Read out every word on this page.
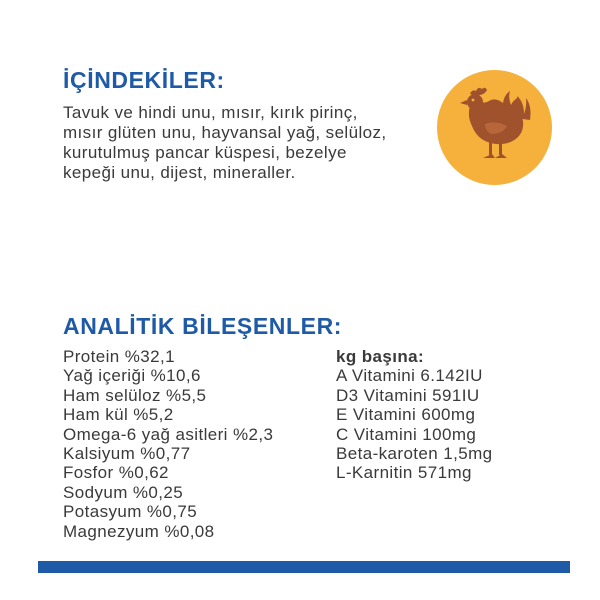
İÇİNDEKİLER:

Tavuk ve hindi unu, mısır, kırık pirinç,
mısır glüten unu, hayvansal yağ, selüloz,
kurutulmuş pancar küspesi, bezelye
kepeği unu, dijest, mineraller.

ANALİTİK BİLEŞENLER:
Protein %32,1
Yağ içeriği %10,6
Ham selüloz %5,5
Ham kül %5,2
Omega-6 yağ asitleri %2,3
Kalsiyum %0,77
Fosfor %0,62
Sodyum %0,25
Potasyum %0,75
Magnezyum %0,08
kg başına:
A Vitamini 6.142IU
D3 Vitamini 591IU
E Vitamini 600mg
C Vitamini 100mg
Beta-karoten 1,5mg
L-Karnitin 571mg
